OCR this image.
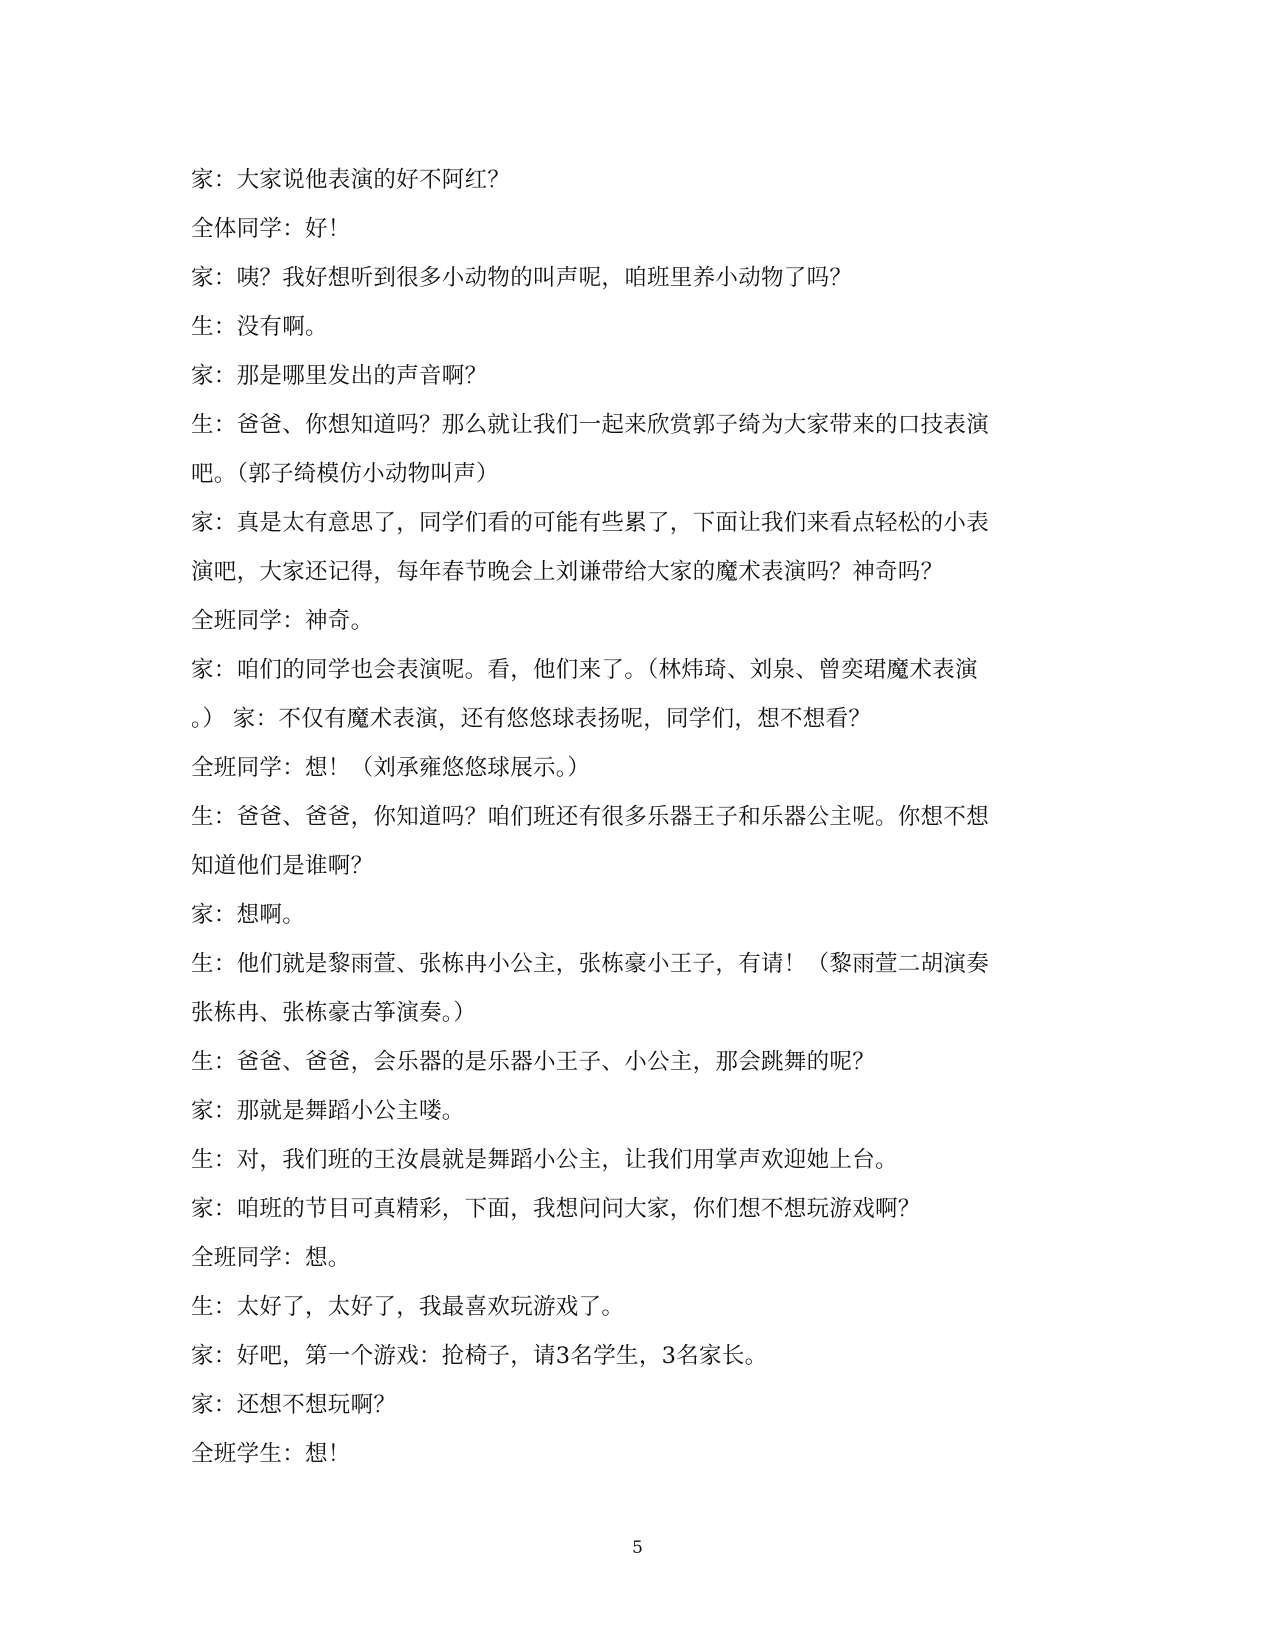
家：大家说他表演的好不阿红？
全体同学：好！
家：咦？我好想听到很多小动物的叫声呢，咱班里养小动物了吗？
生：没有啊。
家：那是哪里发出的声音啊？
生：爸爸、你想知道吗？那么就让我们一起来欣赏郭子绮为大家带来的口技表演
吧。（郭子绮模仿小动物叫声）
家：真是太有意思了，同学们看的可能有些累了，下面让我们来看点轻松的小表
演吧，大家还记得，每年春节晚会上刘谦带给大家的魔术表演吗？神奇吗？
全班同学：神奇。
家：咱们的同学也会表演呢。看，他们来了。（林炜琦、刘泉、曾奕珺魔术表演
。） 家：不仅有魔术表演，还有悠悠球表扬呢，同学们，想不想看？
全班同学：想！（刘承雍悠悠球展示。）
生：爸爸、爸爸，你知道吗？咱们班还有很多乐器王子和乐器公主呢。你想不想
知道他们是谁啊？
家：想啊。
生：他们就是黎雨萱、张栋冉小公主，张栋豪小王子，有请！（黎雨萱二胡演奏
张栋冉、张栋豪古筝演奏。）
生：爸爸、爸爸，会乐器的是乐器小王子、小公主，那会跳舞的呢？
家：那就是舞蹈小公主喽。
生：对，我们班的王汝晨就是舞蹈小公主，让我们用掌声欢迎她上台。
家：咱班的节目可真精彩，下面，我想问问大家，你们想不想玩游戏啊？
全班同学：想。
生：太好了，太好了，我最喜欢玩游戏了。
家：好吧，第一个游戏：抢椅子，请3名学生，3名家长。
家：还想不想玩啊？
全班学生：想！
5
